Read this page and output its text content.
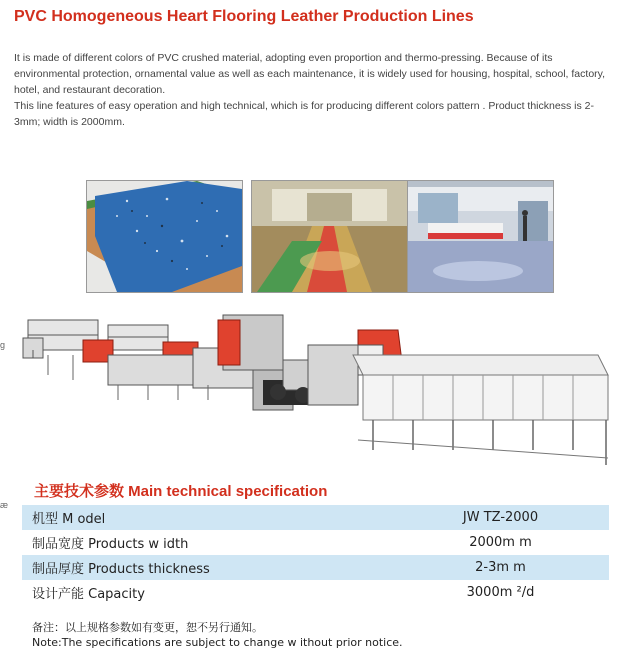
PVC Homogeneous Heart Flooring Leather Production Lines

It is made of different colors of PVC crushed material, adopting even proportion and thermo-pressing. Because of its environmental protection, ornamental value as well as each maintenance, it is widely used for housing, hospital, school, factory, hotel, and restaurant decoration.

This line features of easy operation and high technical, which is for producing different colors pattern . Product thickness is 2-3mm; width is 2000mm.

g
æ
主要技术参数 Main technical specification
机型 M odel	JW TZ-2000
制品宽度 Products w idth	2000m m
制品厚度 Products thickness	2-3m m
设计产能 Capacity	3000m ²/d
备注：以上规格参数如有变更，恕不另行通知。
Note:The specifications are subject to change w ithout prior notice.
